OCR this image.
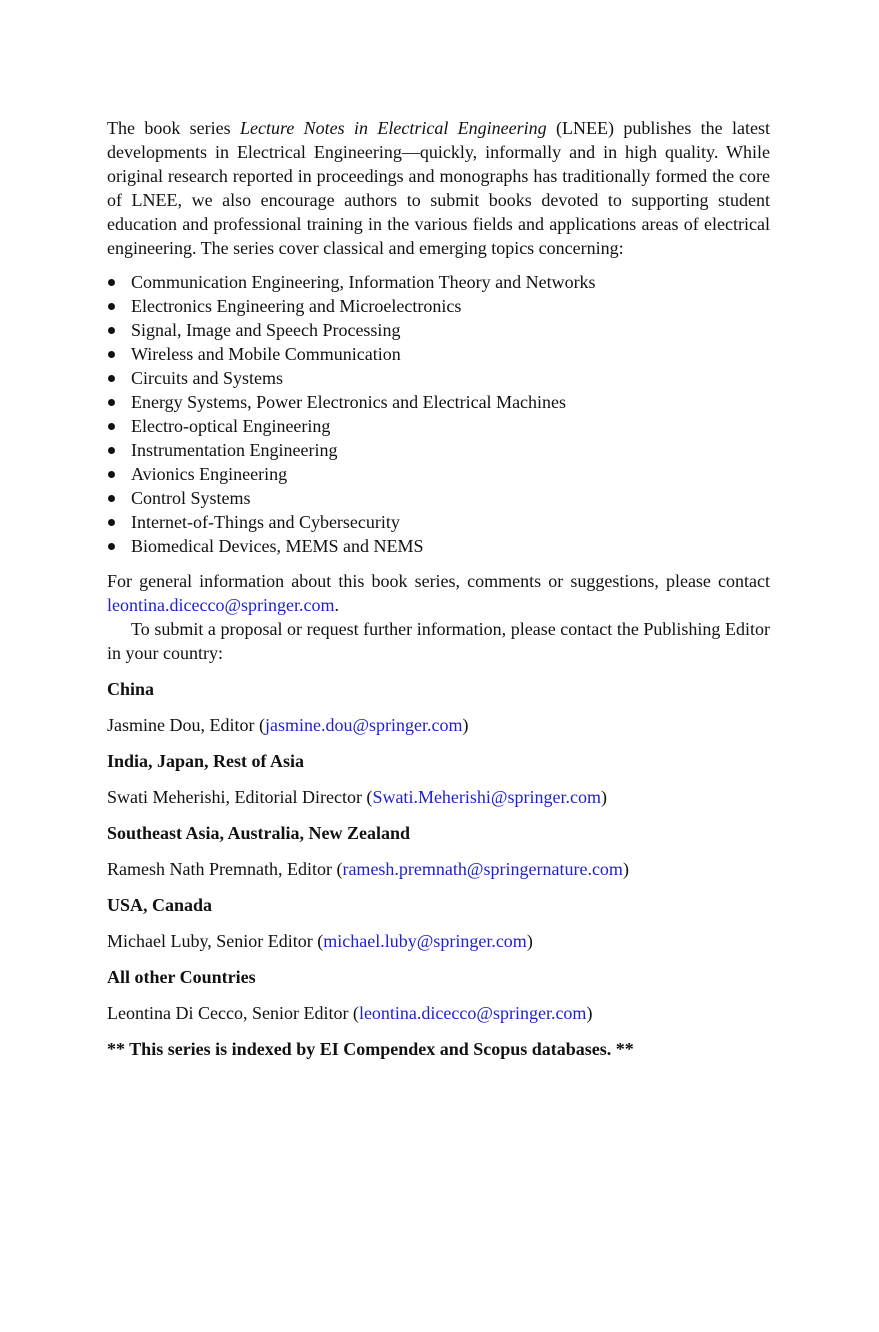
The book series Lecture Notes in Electrical Engineering (LNEE) publishes the latest developments in Electrical Engineering—quickly, informally and in high quality. While original research reported in proceedings and monographs has traditionally formed the core of LNEE, we also encourage authors to submit books devoted to supporting student education and professional training in the various fields and applications areas of electrical engineering. The series cover classical and emerging topics concerning:

Communication Engineering, Information Theory and Networks
Electronics Engineering and Microelectronics
Signal, Image and Speech Processing
Wireless and Mobile Communication
Circuits and Systems
Energy Systems, Power Electronics and Electrical Machines
Electro-optical Engineering
Instrumentation Engineering
Avionics Engineering
Control Systems
Internet-of-Things and Cybersecurity
Biomedical Devices, MEMS and NEMS

For general information about this book series, comments or suggestions, please contact leontina.dicecco@springer.com.

To submit a proposal or request further information, please contact the Publishing Editor in your country:

China
Jasmine Dou, Editor (jasmine.dou@springer.com)
India, Japan, Rest of Asia
Swati Meherishi, Editorial Director (Swati.Meherishi@springer.com)
Southeast Asia, Australia, New Zealand
Ramesh Nath Premnath, Editor (ramesh.premnath@springernature.com)
USA, Canada
Michael Luby, Senior Editor (michael.luby@springer.com)
All other Countries
Leontina Di Cecco, Senior Editor (leontina.dicecco@springer.com)
** This series is indexed by EI Compendex and Scopus databases. **
